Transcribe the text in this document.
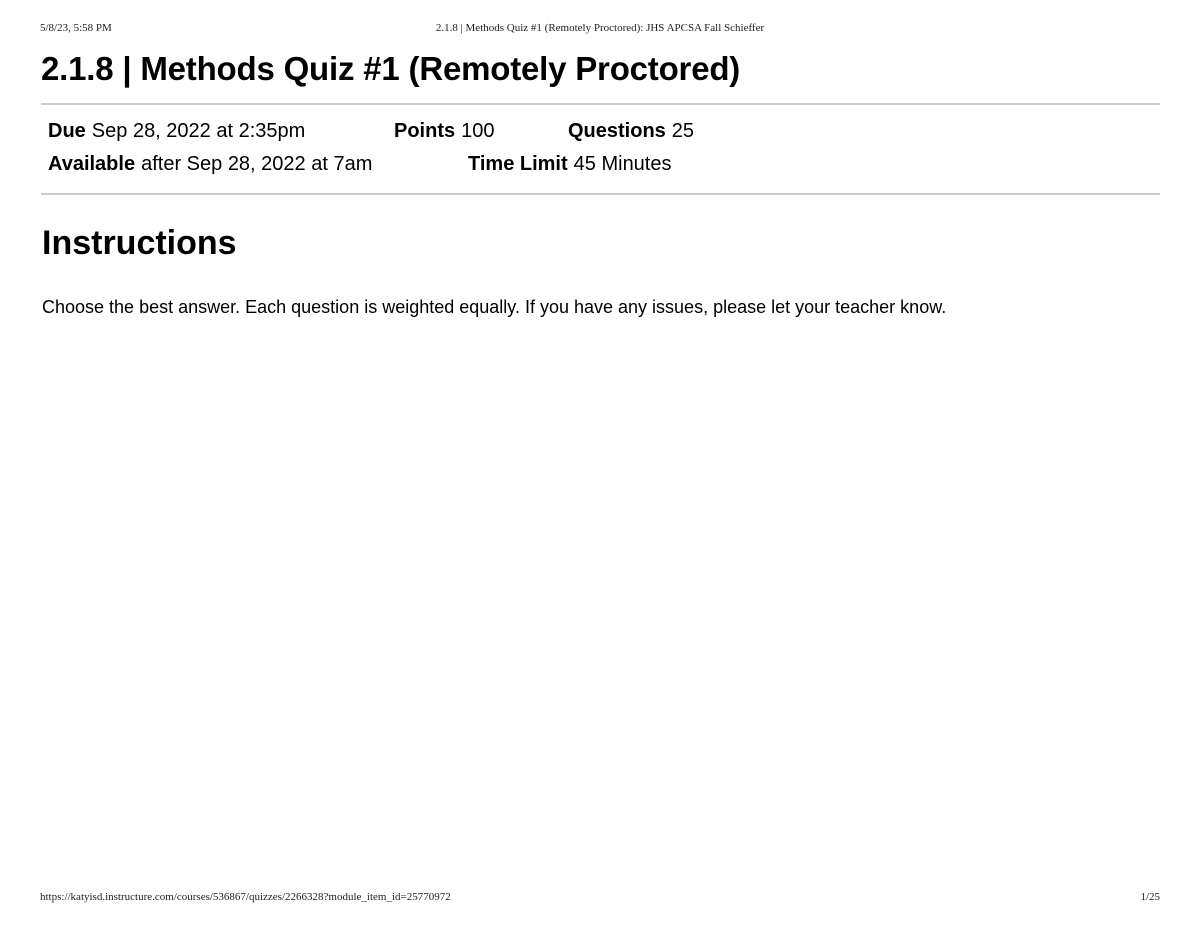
5/8/23, 5:58 PM	2.1.8 | Methods Quiz #1 (Remotely Proctored): JHS APCSA Fall Schieffer
2.1.8 | Methods Quiz #1 (Remotely Proctored)
Due Sep 28, 2022 at 2:35pm	Points 100	Questions 25
Available after Sep 28, 2022 at 7am	Time Limit 45 Minutes
Instructions

Choose the best answer. Each question is weighted equally. If you have any issues, please let your teacher know.

https://katyisd.instructure.com/courses/536867/quizzes/2266328?module_item_id=25770972	1/25
